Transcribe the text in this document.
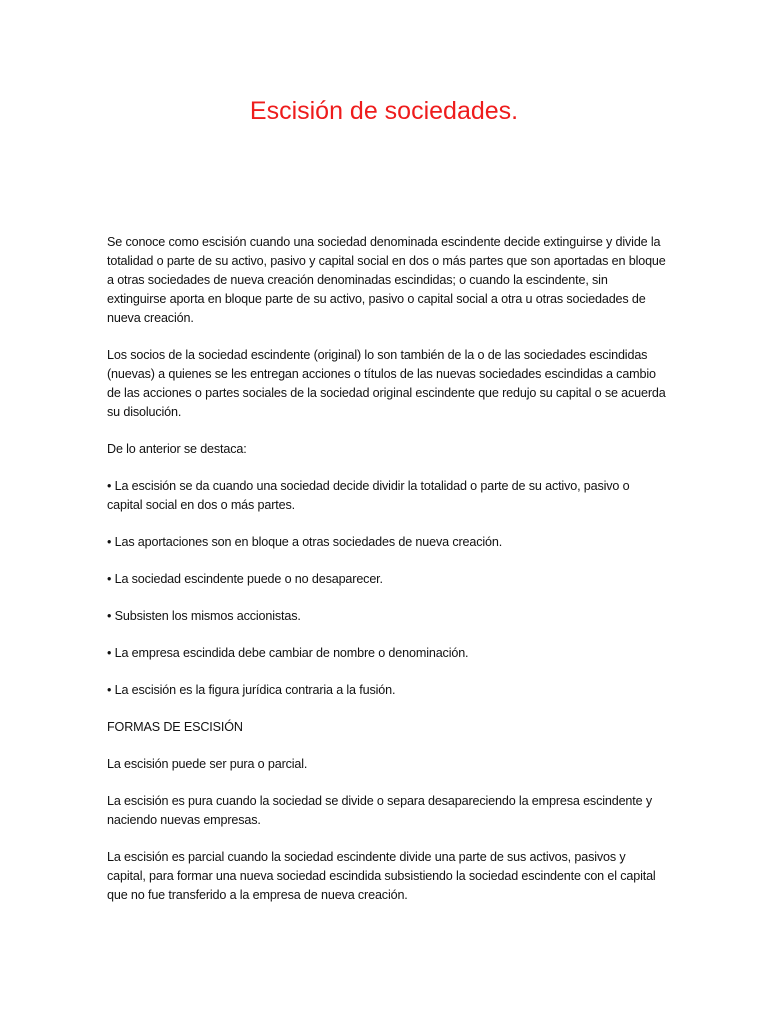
Escisión de sociedades.

Se conoce como escisión cuando una sociedad denominada escindente decide extinguirse y divide la totalidad o parte de su activo, pasivo y capital social en dos o más partes que son aportadas en bloque a otras sociedades de nueva creación denominadas escindidas; o cuando la escindente, sin extinguirse aporta en bloque parte de su activo, pasivo o capital social a otra u otras sociedades de nueva creación.

Los socios de la sociedad escindente (original) lo son también de la o de las sociedades escindidas (nuevas) a quienes se les entregan acciones o títulos de las nuevas sociedades escindidas a cambio de las acciones o partes sociales de la sociedad original escindente que redujo su capital o se acuerda su disolución.

De lo anterior se destaca:

• La escisión se da cuando una sociedad decide dividir la totalidad o parte de su activo, pasivo o capital social en dos o más partes.

• Las aportaciones son en bloque a otras sociedades de nueva creación.

• La sociedad escindente puede o no desaparecer.

• Subsisten los mismos accionistas.

• La empresa escindida debe cambiar de nombre o denominación.

• La escisión es la figura jurídica contraria a la fusión.

FORMAS DE ESCISIÓN

La escisión puede ser pura o parcial.

La escisión es pura cuando la sociedad se divide o separa desapareciendo la empresa escindente y naciendo nuevas empresas.

La escisión es parcial cuando la sociedad escindente divide una parte de sus activos, pasivos y capital, para formar una nueva sociedad escindida subsistiendo la sociedad escindente con el capital que no fue transferido a la empresa de nueva creación.
